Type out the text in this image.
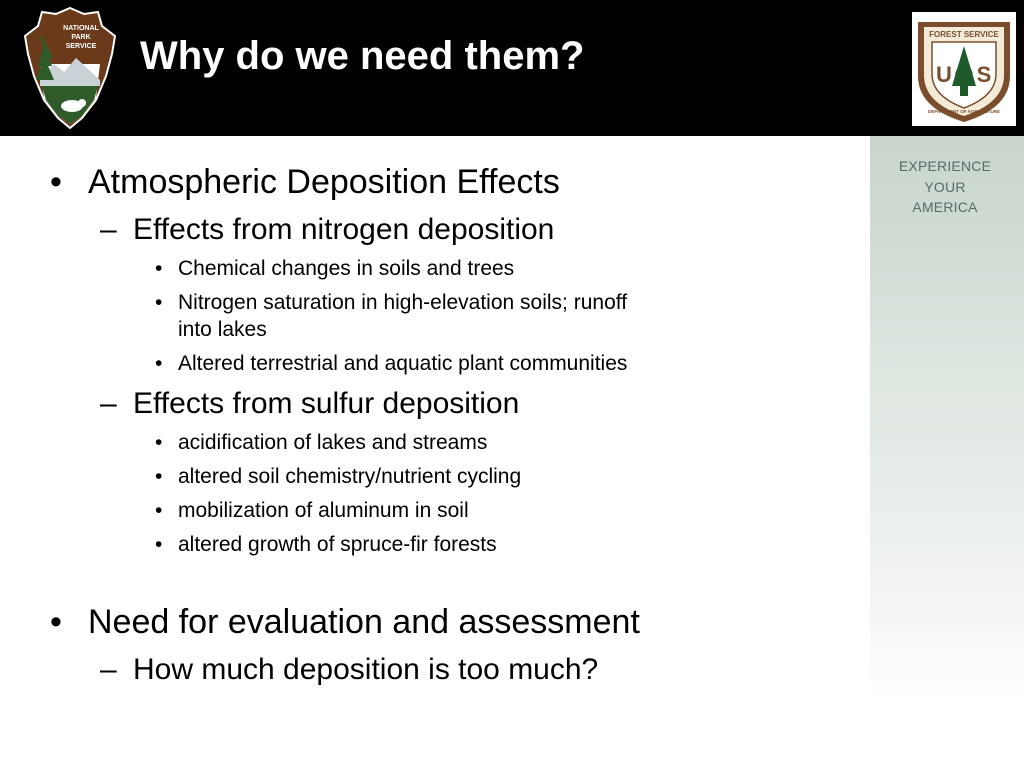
NATIONAL
PARK
SERVICE Why do we need them?	FOREST SERVICE
U S
DEPARTMENT OF AGRICULTURE
EXPERIENCE
YOUR
AMERICA
• Atmospheric Deposition Effects
– Effects from nitrogen deposition
• Chemical changes in soils and trees
• Nitrogen saturation in high-elevation soils; runoff
into lakes
• Altered terrestrial and aquatic plant communities
– Effects from sulfur deposition
• acidification of lakes and streams
• altered soil chemistry/nutrient cycling
• mobilization of aluminum in soil
• altered growth of spruce-fir forests
• Need for evaluation and assessment
– How much deposition is too much?
